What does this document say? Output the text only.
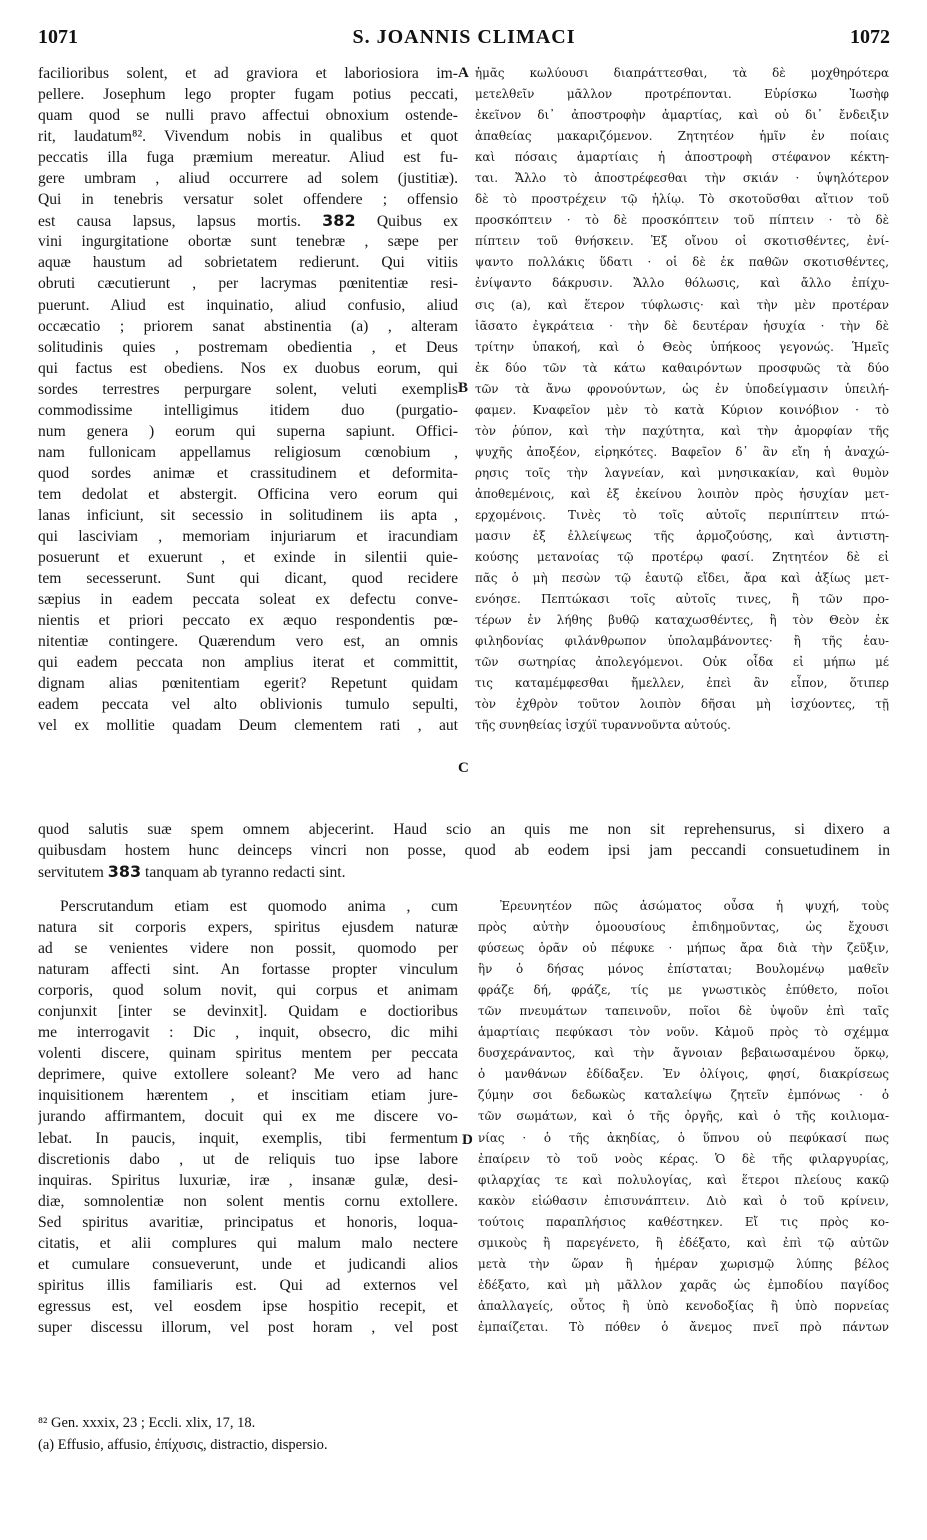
1071	S. JOANNIS CLIMACI	1072
facilioribus solent, et ad graviora et laboriosiora im-
pellere. Josephum lego propter fugam potius peccati,
quam quod se nulli pravo affectui obnoxium ostende-
rit, laudatum⁸². Vivendum nobis in qualibus et quot
peccatis illa fuga præmium mereatur. Aliud est fu-
gere umbram , aliud occurrere ad solem (justitiæ).
Qui in tenebris versatur solet offendere ; offensio
est causa lapsus, lapsus mortis. 382 Quibus ex
vini ingurgitatione obortæ sunt tenebræ , sæpe per
aquæ haustum ad sobrietatem redierunt. Qui vitiis
obruti cæcutierunt , per lacrymas pœnitentiæ resi-
puerunt. Aliud est inquinatio, aliud confusio, aliud
occæcatio ; priorem sanat abstinentia (a) , alteram
solitudinis quies , postremam obedientia , et Deus
qui factus est obediens. Nos ex duobus eorum, qui
sordes terrestres perpurgare solent, veluti exemplis
commodissime intelligimus itidem duo (purgatio-
num genera ) eorum qui superna sapiunt. Offici-
nam fullonicam appellamus religiosum cœnobium ,
quod sordes animæ et crassitudinem et deformita-
tem dedolat et abstergit. Officina vero eorum qui
lanas inficiunt, sit secessio in solitudinem iis apta ,
qui lasciviam , memoriam injuriarum et iracundiam
posuerunt et exuerunt , et exinde in silentii quie-
tem secesserunt. Sunt qui dicant, quod recidere
sæpius in eadem peccata soleat ex defectu conve-
nientis et priori peccato ex æquo respondentis pœ-
nitentiæ contingere. Quærendum vero est, an omnis
qui eadem peccata non amplius iterat et committit,
dignam alias pœnitentiam egerit? Repetunt quidam
eadem peccata vel alto oblivionis tumulo sepulti,
vel ex mollitie quadam Deum clementem rati , aut
ἡμᾶς κωλύουσι διαπράττεσθαι, τὰ δὲ μοχθηρότερα
μετελθεῖν μᾶλλον προτρέπονται. Εὑρίσκω Ἰωσὴφ
ἐκεῖνον δι᾽ ἀποστροφὴν ἁμαρτίας, καὶ οὐ δι᾽ ἔνδειξιν
ἀπαθείας μακαριζόμενον. Ζητητέον ἡμῖν ἐν ποίαις
καὶ πόσαις ἁμαρτίαις ἡ ἀποστροφὴ στέφανον κέκτη-
ται. Ἄλλο τὸ ἀποστρέφεσθαι τὴν σκιάν · ὑψηλότερον
δὲ τὸ προστρέχειν τῷ ἡλίῳ. Τὸ σκοτοῦσθαι αἴτιον τοῦ
προσκόπτειν · τὸ δὲ προσκόπτειν τοῦ πίπτειν · τὸ δὲ
πίπτειν τοῦ θνήσκειν. Ἐξ οἴνου οἱ σκοτισθέντες, ἐνί-
ψαντο πολλάκις ὕδατι · οἱ δὲ ἐκ παθῶν σκοτισθέντες,
ἐνίψαντο δάκρυσιν. Ἄλλο θόλωσις, καὶ ἄλλο ἐπίχυ-
σις (a), καὶ ἕτερον τύφλωσις· καὶ τὴν μὲν προτέραν
ἰᾶσατο ἐγκράτεια · τὴν δὲ δευτέραν ἡσυχία · τὴν δὲ
τρίτην ὑπακοή, καὶ ὁ Θεὸς ὑπήκοος γεγονώς. Ἡμεῖς
ἐκ δύο τῶν τὰ κάτω καθαιρόντων προσφυῶς τὰ δύο
τῶν τὰ ἄνω φρονούντων, ὡς ἐν ὑποδείγμασιν ὑπειλή-
φαμεν. Κναφεῖον μὲν τὸ κατὰ Κύριον κοινόβιον · τὸ
τὸν ῥύπον, καὶ τὴν παχύτητα, καὶ τὴν ἀμορφίαν τῆς
ψυχῆς ἀποξέον, εἰρηκότες. Βαφεῖον δ᾽ ἂν εἴη ἡ ἀναχώ-
ρησις τοῖς τὴν λαγνείαν, καὶ μνησικακίαν, καὶ θυμὸν
ἀποθεμένοις, καὶ ἐξ ἐκείνου λοιπὸν πρὸς ἡσυχίαν μετ-
ερχομένοις. Τινὲς τὸ τοῖς αὐτοῖς περιπίπτειν πτώ-
μασιν ἐξ ἐλλείψεως τῆς ἁρμοζούσης, καὶ ἀντιστη-
κούσης μετανοίας τῷ προτέρῳ φασί. Ζητητέον δὲ εἰ
πᾶς ὁ μὴ πεσὼν τῷ ἑαυτῷ εἴδει, ἄρα καὶ ἀξίως μετ-
ενόησε. Πεπτώκασι τοῖς αὐτοῖς τινες, ἢ τῶν προ-
τέρων ἐν λήθης βυθῷ καταχωσθέντες, ἢ τὸν Θεὸν ἐκ
φιληδονίας φιλάνθρωπον ὑπολαμβάνοντες· ἢ τῆς ἑαυ-
τῶν σωτηρίας ἀπολεγόμενοι. Οὐκ οἶδα εἰ μήπω μέ
τις καταμέμφεσθαι ἤμελλεν, ἐπεὶ ἂν εἶπον, ὅτιπερ
τὸν ἐχθρὸν τοῦτον λοιπὸν δῆσαι μὴ ἰσχύοντες, τῇ
τῆς συνηθείας ἰσχύϊ τυραννοῦντα αὐτούς.
A
B
C
D
quod salutis suæ spem omnem abjecerint. Haud scio an quis me non sit reprehensurus, si dixero a
quibusdam hostem hunc deinceps vincri non posse, quod ab eodem ipsi jam peccandi consuetudinem in
servitutem 383 tanquam ab tyranno redacti sint.
Perscrutandum etiam est quomodo anima , cum
natura sit corporis expers, spiritus ejusdem naturæ
ad se venientes videre non possit, quomodo per
naturam affecti sint. An fortasse propter vinculum
corporis, quod solum novit, qui corpus et animam
conjunxit [inter se devinxit]. Quidam e doctioribus
me interrogavit : Dic , inquit, obsecro, dic mihi
volenti discere, quinam spiritus mentem per peccata
deprimere, quive extollere soleant? Me vero ad hanc
inquisitionem hærentem , et inscitiam etiam jure-
jurando affirmantem, docuit qui ex me discere vo-
lebat. In paucis, inquit, exemplis, tibi fermentum
discretionis dabo , ut de reliquis tuo ipse labore
inquiras. Spiritus luxuriæ, iræ , insanæ gulæ, desi-
diæ, somnolentiæ non solent mentis cornu extollere.
Sed spiritus avaritiæ, principatus et honoris, loqua-
citatis, et alii complures qui malum malo nectere
et cumulare consueverunt, unde et judicandi alios
spiritus illis familiaris est. Qui ad externos vel
egressus est, vel eosdem ipse hospitio recepit, et
super discessu illorum, vel post horam , vel post
Ἐρευνητέον πῶς ἀσώματος οὖσα ἡ ψυχή, τοὺς
πρὸς αὐτὴν ὁμοουσίους ἐπιδημοῦντας, ὡς ἔχουσι
φύσεως ὁρᾶν οὐ πέφυκε · μήπως ἄρα διὰ τὴν ζεῦξιν,
ἣν ὁ δήσας μόνος ἐπίσταται; Βουλομένῳ μαθεῖν
φράζε δή, φράζε, τίς με γνωστικὸς ἐπύθετο, ποῖοι
τῶν πνευμάτων ταπεινοῦν, ποῖοι δὲ ὑψοῦν ἐπὶ ταῖς
ἁμαρτίαις πεφύκασι τὸν νοῦν. Κἀμοῦ πρὸς τὸ σχέμμα
δυσχεράναντος, καὶ τὴν ἄγνοιαν βεβαιωσαμένου ὅρκῳ,
ὁ μανθάνων ἐδίδαξεν. Ἐν ὀλίγοις, φησί, διακρίσεως
ζύμην σοι δεδωκὼς καταλείψω ζητεῖν ἐμπόνως · ὁ
τῶν σωμάτων, καὶ ὁ τῆς ὀργῆς, καὶ ὁ τῆς κοιλιομα-
νίας · ὁ τῆς ἀκηδίας, ὁ ὕπνου οὐ πεφύκασί πως
ἐπαίρειν τὸ τοῦ νοὸς κέρας. Ὁ δὲ τῆς φιλαργυρίας,
φιλαρχίας τε καὶ πολυλογίας, καὶ ἕτεροι πλείους κακῷ
κακὸν εἰώθασιν ἐπισυνάπτειν. Διὸ καὶ ὁ τοῦ κρίνειν,
τούτοις παραπλήσιος καθέστηκεν. Εἴ τις πρὸς κο-
σμικοὺς ἢ παρεγένετο, ἢ ἐδέξατο, καὶ ἐπὶ τῷ αὐτῶν
μετὰ τὴν ὥραν ἢ ἡμέραν χωρισμῷ λύπης βέλος
ἐδέξατο, καὶ μὴ μᾶλλον χαρᾶς ὡς ἐμποδίου παγίδος
ἀπαλλαγείς, οὗτος ἢ ὑπὸ κενοδοξίας ἢ ὑπὸ πορνείας
ἐμπαίζεται. Τὸ πόθεν ὁ ἄνεμος πνεῖ πρὸ πάντων
⁸² Gen. xxxix, 23 ; Eccli. xlix, 17, 18.
(a) Effusio, affusio, ἐπίχυσις, distractio, dispersio.
